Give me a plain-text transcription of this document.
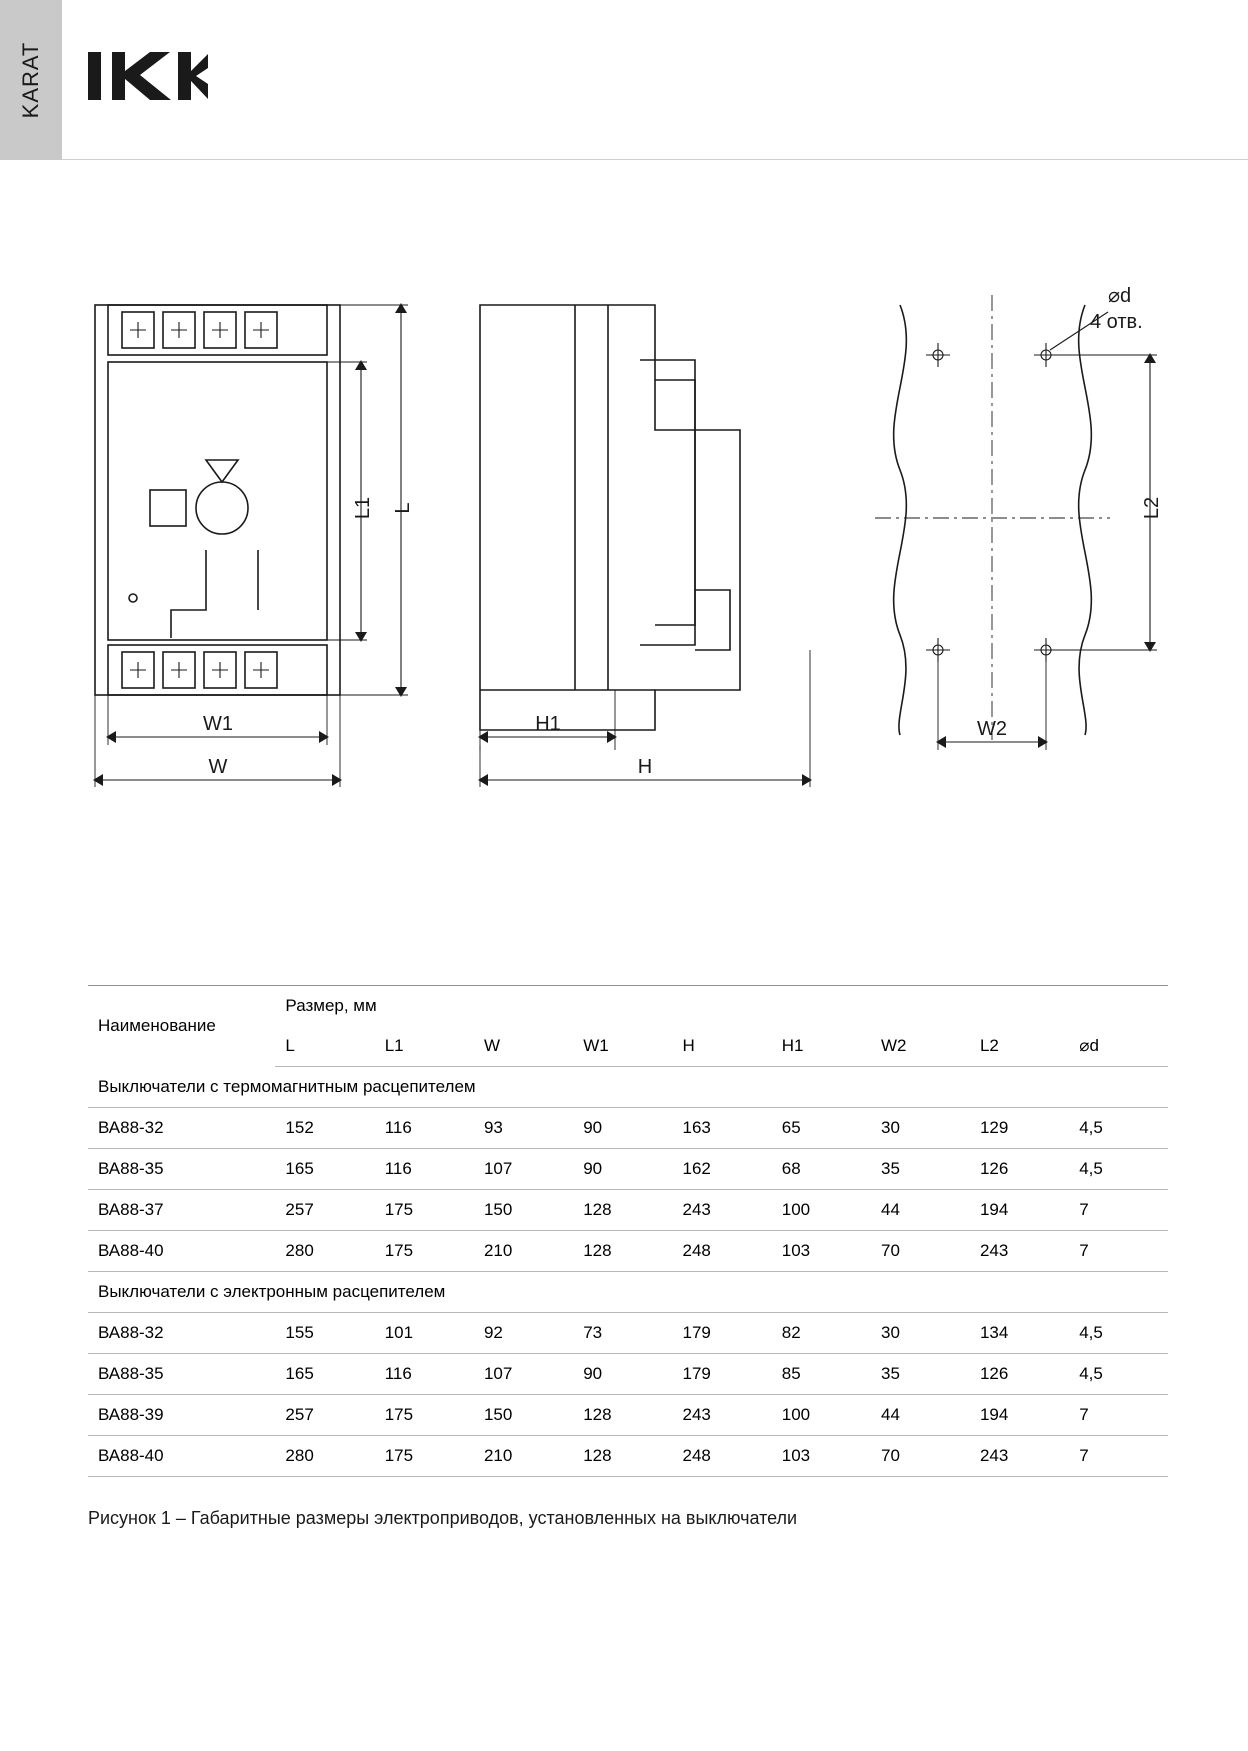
KARAT
L1 L
W1
W
H1
H
L2
W2
⌀d
4 отв.
Наименование	Размер, мм								
	L	L1	W	W1	H	H1	W2	L2	⌀d
Выключатели с термомагнитным расцепителем									
ВА88-32	152	116	93	90	163	65	30	129	4,5
ВА88-35	165	116	107	90	162	68	35	126	4,5
ВА88-37	257	175	150	128	243	100	44	194	7
ВА88-40	280	175	210	128	248	103	70	243	7
Выключатели с электронным расцепителем									
ВА88-32	155	101	92	73	179	82	30	134	4,5
ВА88-35	165	116	107	90	179	85	35	126	4,5
ВА88-39	257	175	150	128	243	100	44	194	7
ВА88-40	280	175	210	128	248	103	70	243	7
Рисунок 1 – Габаритные размеры электроприводов, установленных на выключатели
